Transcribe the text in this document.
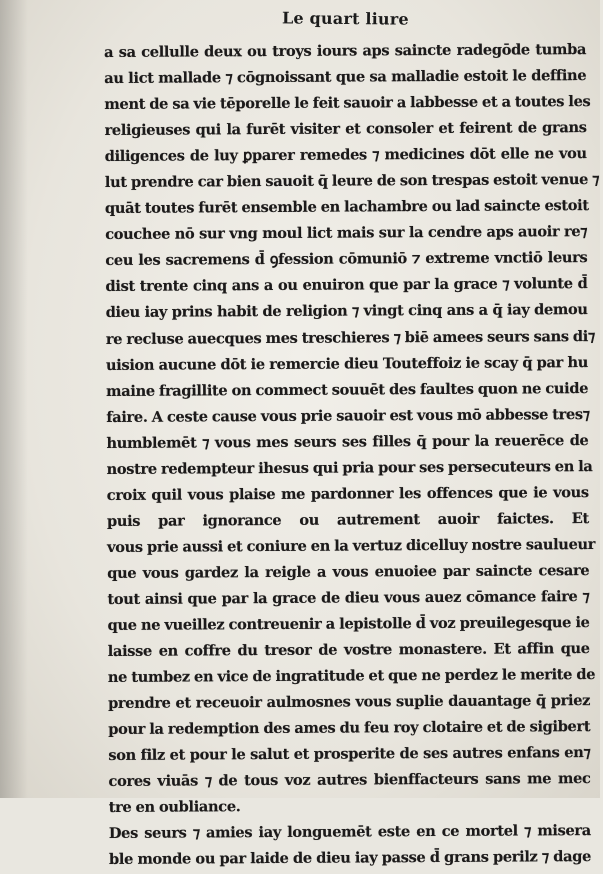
Le quart liure
a sa cellulle deux ou troys iours aps saincte radegōde tumba
au lict mallade ⁊ cōgnoissant que sa malladie estoit le deffine
ment de sa vie tēporelle le feit sauoir a labbesse et a toutes les
religieuses qui la furēt visiter et consoler et feirent de grans
diligences de luy ꝑparer remedes ⁊ medicines dōt elle ne vou
lut prendre car bien sauoit q̄ leure de son trespas estoit venue ⁊
quāt toutes furēt ensemble en lachambre ou lad saincte estoit
couchee nō sur vng moul lict mais sur la cendre aps auoir re⁊
ceu les sacremens d̄ ꝯfession cōmuniō ⁊ extreme vnctiō leurs
dist trente cinq ans a ou enuiron que par la grace ⁊ volunte d̄
dieu iay prins habit de religion ⁊ vingt cinq ans a q̄ iay demou
re recluse auecques mes treschieres ⁊ biē amees seurs sans di⁊
uision aucune dōt ie remercie dieu Touteffoiz ie scay q̄ par hu
maine fragillite on commect souuēt des faultes quon ne cuide
faire. A ceste cause vous prie sauoir est vous mō abbesse tres⁊
humblemēt ⁊ vous mes seurs ses filles q̄ pour la reuerēce de
nostre redempteur ihesus qui pria pour ses persecuteurs en la
croix quil vous plaise me pardonner les offences que ie vous
puis par ignorance ou autrement auoir faictes. Et
vous prie aussi et coniure en la vertuz dicelluy nostre saulueur
que vous gardez la reigle a vous enuoiee par saincte cesare
tout ainsi que par la grace de dieu vous auez cōmance faire ⁊
que ne vueillez contreuenir a lepistolle d̄ voz preuilegesque ie
laisse en coffre du tresor de vostre monastere. Et affin que
ne tumbez en vice de ingratitude et que ne perdez le merite de
prendre et receuoir aulmosnes vous suplie dauantage q̄ priez
pour la redemption des ames du feu roy clotaire et de sigibert
son filz et pour le salut et prosperite de ses autres enfans en⁊
cores viuās ⁊ de tous voz autres bienffacteurs sans me mec
tre en oubliance.
Des seurs ⁊ amies iay longuemēt este en ce mortel ⁊ misera
ble monde ou par laide de dieu iay passe d̄ grans perilz ⁊ dage
